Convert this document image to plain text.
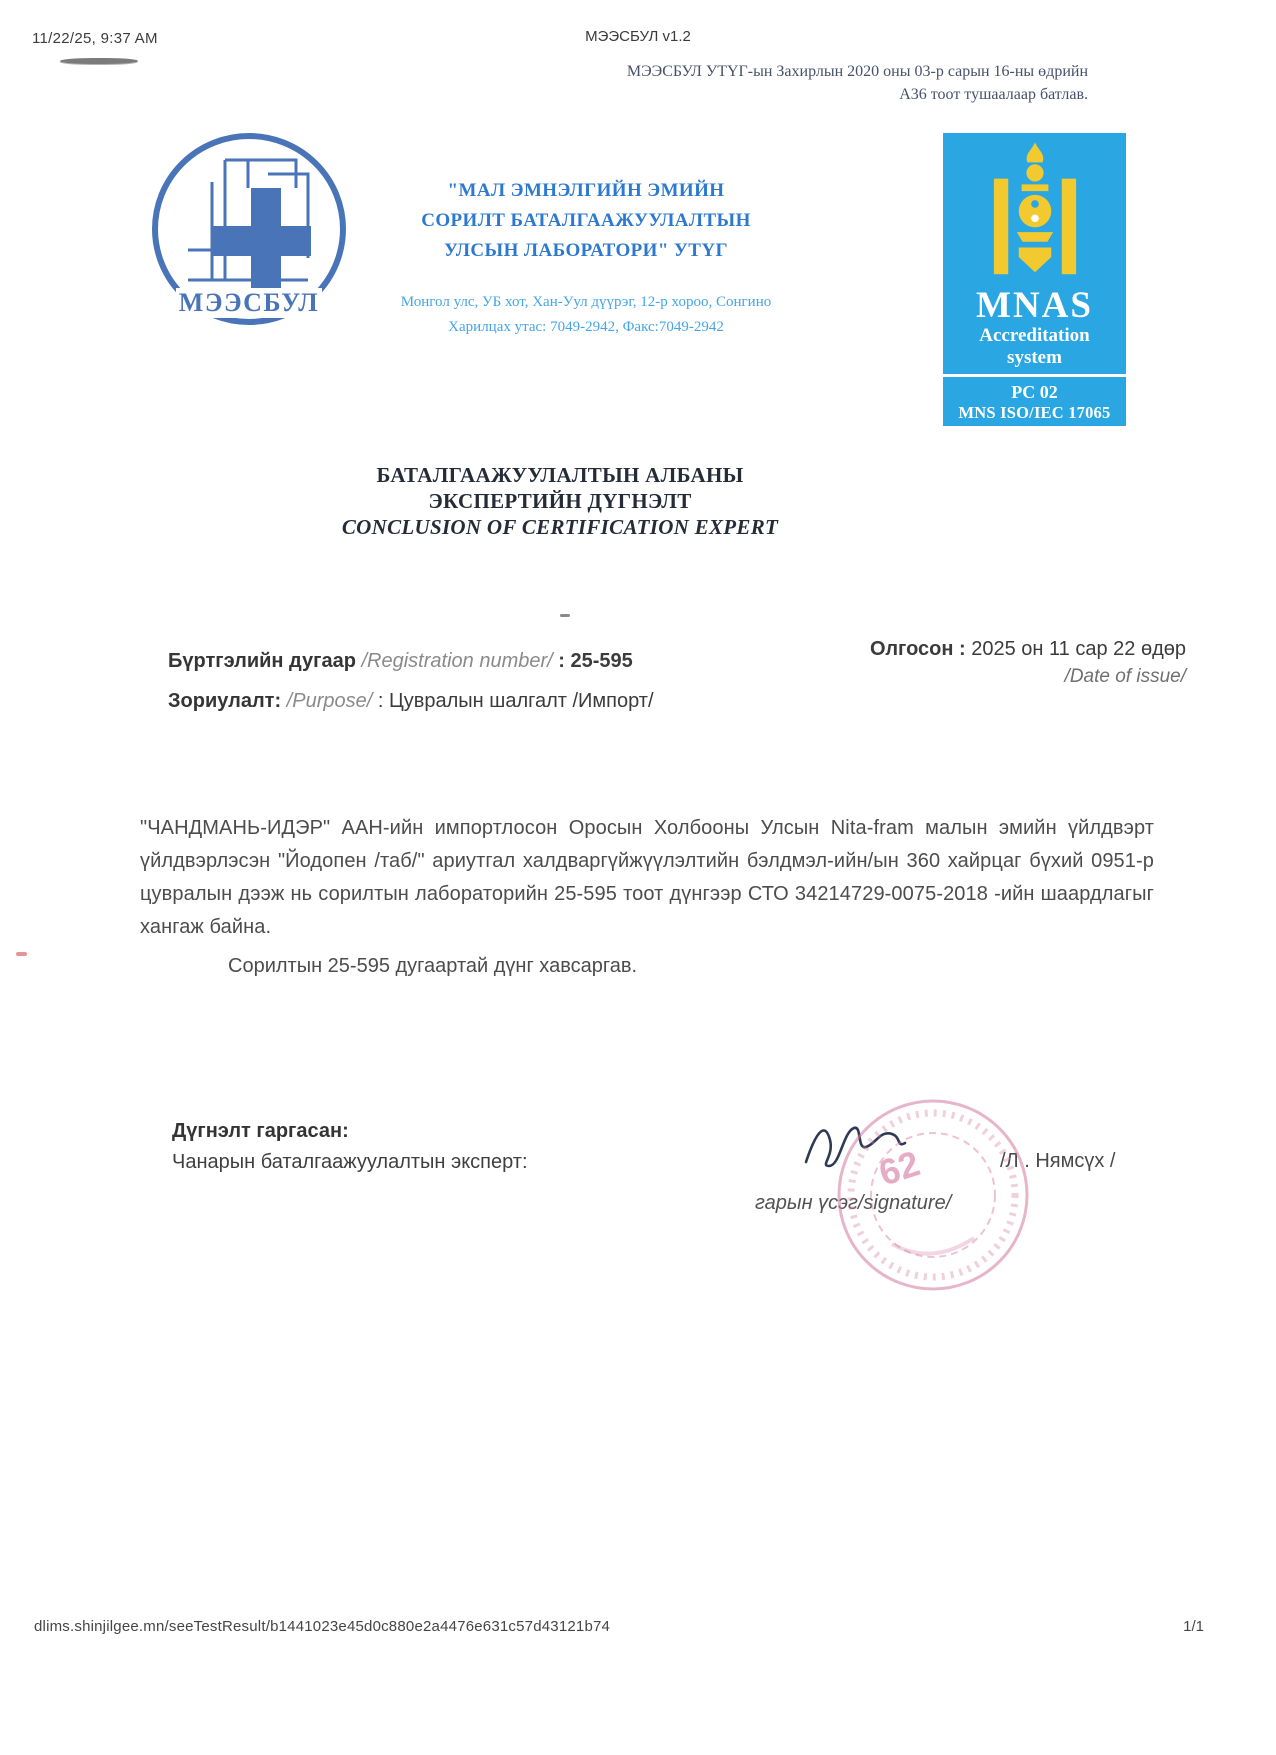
11/22/25, 9:37 AM	МЭЭСБУЛ v1.2
МЭЭСБУЛ УТҮГ-ын Захирлын 2020 оны 03-р сарын 16-ны өдрийн
А36 тоот тушаалаар батлав.
МЭЭСБУЛ
"МАЛ ЭМНЭЛГИЙН ЭМИЙН
СОРИЛТ БАТАЛГААЖУУЛАЛТЫН
УЛСЫН ЛАБОРАТОРИ" УТҮГ
Монгол улс, УБ хот, Хан-Уул дүүрэг, 12-р хороо, Сонгино
Харилцах утас: 7049-2942, Факс:7049-2942
MNAS
Accreditation
system
PC 02
MNS ISO/IEC 17065
БАТАЛГААЖУУЛАЛТЫН АЛБАНЫ
ЭКСПЕРТИЙН ДҮГНЭЛТ
CONCLUSION OF CERTIFICATION EXPERT
Бүртгэлийн дугаар /Registration number/ : 25-595
Олгосон : 2025 он 11 сар 22 өдөр
/Date of issue/
Зориулалт: /Purpose/ : Цувралын шалгалт /Импорт/
"ЧАНДМАНЬ-ИДЭР" ААН-ийн импортлосон Оросын Холбооны Улсын Nita-fram малын эмийн үйлдвэрт үйлдвэрлэсэн "Йодопен /таб/" ариутгал халдваргүйжүүлэлтийн бэлдмэл-ийн/ын 360 хайрцаг бүхий 0951-р цувралын дээж нь сорилтын лабораторийн 25-595 тоот дүнгээр СТО 34214729-0075-2018 -ийн шаардлагыг хангаж байна.
Сорилтын 25-595 дугаартай дүнг хавсаргав.
Дүгнэлт гаргасан:
Чанарын баталгаажуулалтын эксперт:	/Л . Нямсүх /
гарын үсэг/signature/
62
dlims.shinjilgee.mn/seeTestResult/b1441023e45d0c880e2a4476e631c57d43121b74	1/1
